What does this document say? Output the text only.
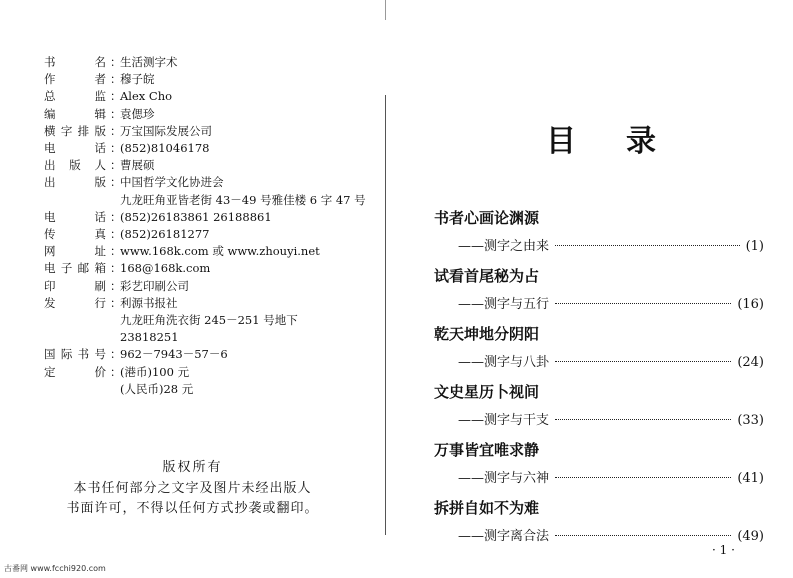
书 名 ：
生活测字术
作 者 ：
穆子皖
总 监 ：
Alex Cho
编 辑 ：
袁偲珍
横字排版 ：
万宝国际发展公司
电 话 ：
(852)81046178
出 版 人 ：
曹展硕
出 版 ：
中国哲学文化协进会
九龙旺角亚皆老街 43－49 号雅佳楼 6 字 47 号
电 话 ：
(852)26183861 26188861
传 真 ：
(852)26181277
网 址 ：
www.168k.com 或 www.zhouyi.net
电子邮箱 ：
168@168k.com
印 刷 ：
彩艺印刷公司
发 行 ：
利源书报社
九龙旺角洗衣街 245－251 号地下
23818251
国际书号 ：
962－7943－57－6
定 价 ：
(港币)100 元
(人民币)28 元
版权所有
本书任何部分之文字及图片未经出版人
书面许可，不得以任何方式抄袭或翻印。
古番网 www.fcchi920.com
目录
书者心画论渊源
——测字之由来	(1)
试看首尾秘为占
——测字与五行	(16)
乾天坤地分阴阳
——测字与八卦	(24)
文史星历卜视间
——测字与干支	(33)
万事皆宜唯求静
——测字与六神	(41)
拆拼自如不为难
——测字离合法	(49)
· 1 ·
